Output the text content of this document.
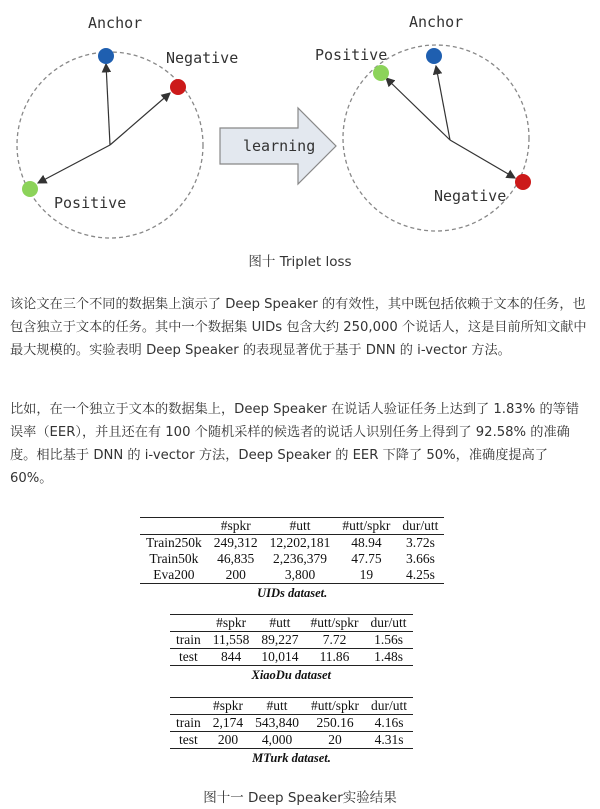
Anchor
Negative
Positive
learning
Anchor
Positive
Negative
图十 Triplet loss

该论文在三个不同的数据集上演示了 Deep Speaker 的有效性，其中既包括依赖于文本的任务，也包含独立于文本的任务。其中一个数据集 UIDs 包含大约 250,000 个说话人，这是目前所知文献中最大规模的。实验表明 Deep Speaker 的表现显著优于基于 DNN 的 i-vector 方法。

比如，在一个独立于文本的数据集上，Deep Speaker 在说话人验证任务上达到了 1.83% 的等错误率（EER），并且还在有 100 个随机采样的候选者的说话人识别任务上得到了 92.58% 的准确度。相比基于 DNN 的 i-vector 方法，Deep Speaker 的 EER 下降了 50%，准确度提高了 60%。

	#spkr	#utt	#utt/spkr	dur/utt
Train250k	249,312	12,202,181	48.94	3.72s
Train50k	46,835	2,236,379	47.75	3.66s
Eva200	200	3,800	19	4.25s
UIDs dataset.
	#spkr	#utt	#utt/spkr	dur/utt
train	11,558	89,227	7.72	1.56s
test	844	10,014	11.86	1.48s
XiaoDu dataset
	#spkr	#utt	#utt/spkr	dur/utt
train	2,174	543,840	250.16	4.16s
test	200	4,000	20	4.31s
MTurk dataset.
图十一 Deep Speaker实验结果
